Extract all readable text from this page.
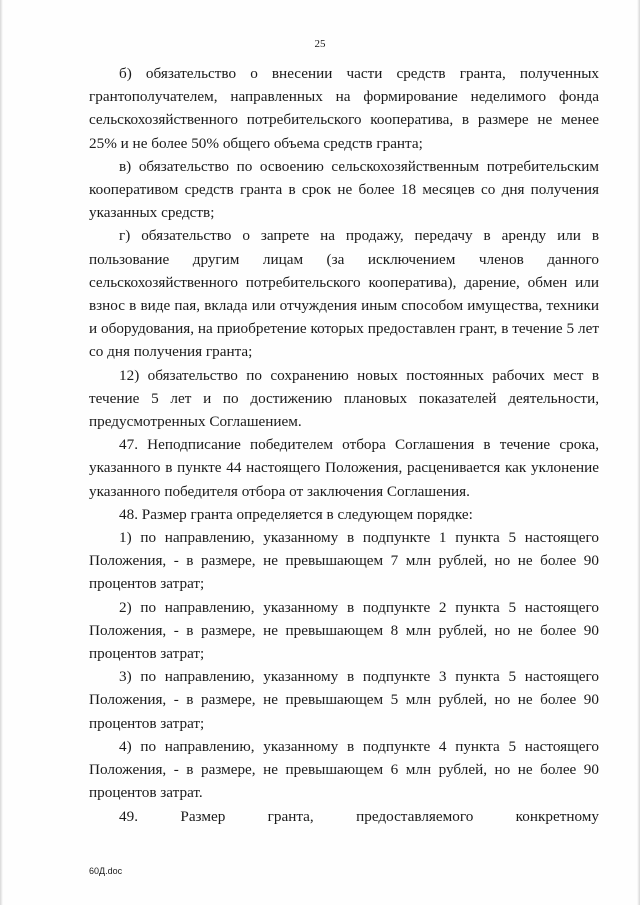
25

б) обязательство о внесении части средств гранта, полученных грантополучателем, направленных на формирование неделимого фонда сельскохозяйственного потребительского кооператива, в размере не менее 25% и не более 50% общего объема средств гранта;

в) обязательство по освоению сельскохозяйственным потребительским кооперативом средств гранта в срок не более 18 месяцев со дня получения указанных средств;

г) обязательство о запрете на продажу, передачу в аренду или в пользование другим лицам (за исключением членов данного сельскохозяйственного потребительского кооператива), дарение, обмен или взнос в виде пая, вклада или отчуждения иным способом имущества, техники и оборудования, на приобретение которых предоставлен грант, в течение 5 лет со дня получения гранта;

12) обязательство по сохранению новых постоянных рабочих мест в течение 5 лет и по достижению плановых показателей деятельности, предусмотренных Соглашением.

47. Неподписание победителем отбора Соглашения в течение срока, указанного в пункте 44 настоящего Положения, расценивается как уклонение указанного победителя отбора от заключения Соглашения.

48. Размер гранта определяется в следующем порядке:

1) по направлению, указанному в подпункте 1 пункта 5 настоящего Положения, - в размере, не превышающем 7 млн рублей, но не более 90 процентов затрат;

2) по направлению, указанному в подпункте 2 пункта 5 настоящего Положения, - в размере, не превышающем 8 млн рублей, но не более 90 процентов затрат;

3) по направлению, указанному в подпункте 3 пункта 5 настоящего Положения, - в размере, не превышающем 5 млн рублей, но не более 90 процентов затрат;

4) по направлению, указанному в подпункте 4 пункта 5 настоящего Положения, - в размере, не превышающем 6 млн рублей, но не более 90 процентов затрат.

49. Размер гранта, предоставляемого конкретному

60Д.doc
